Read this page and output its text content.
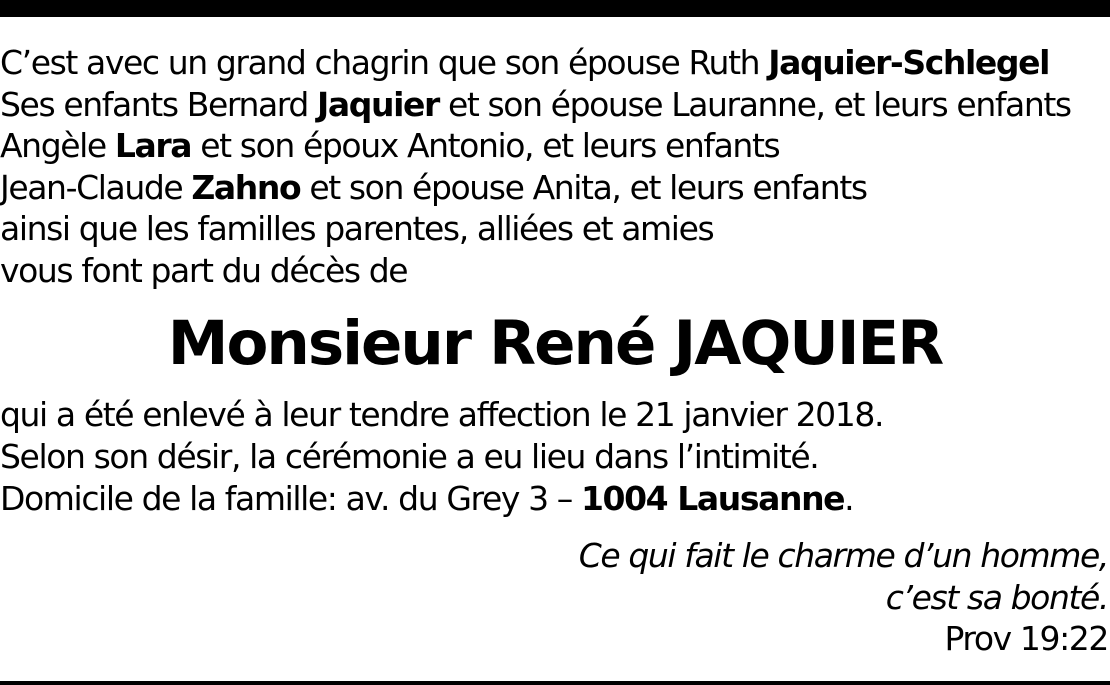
C’est avec un grand chagrin que son épouse Ruth Jaquier-Schlegel
Ses enfants Bernard Jaquier et son épouse Lauranne, et leurs enfants
Angèle Lara et son époux Antonio, et leurs enfants
Jean-Claude Zahno et son épouse Anita, et leurs enfants
ainsi que les familles parentes, alliées et amies
vous font part du décès de
Monsieur René JAQUIER
qui a été enlevé à leur tendre affection le 21 janvier 2018.
Selon son désir, la cérémonie a eu lieu dans l’intimité.
Domicile de la famille: av. du Grey 3 – 1004 Lausanne.
Ce qui fait le charme d’un homme,
c’est sa bonté.
Prov 19:22
